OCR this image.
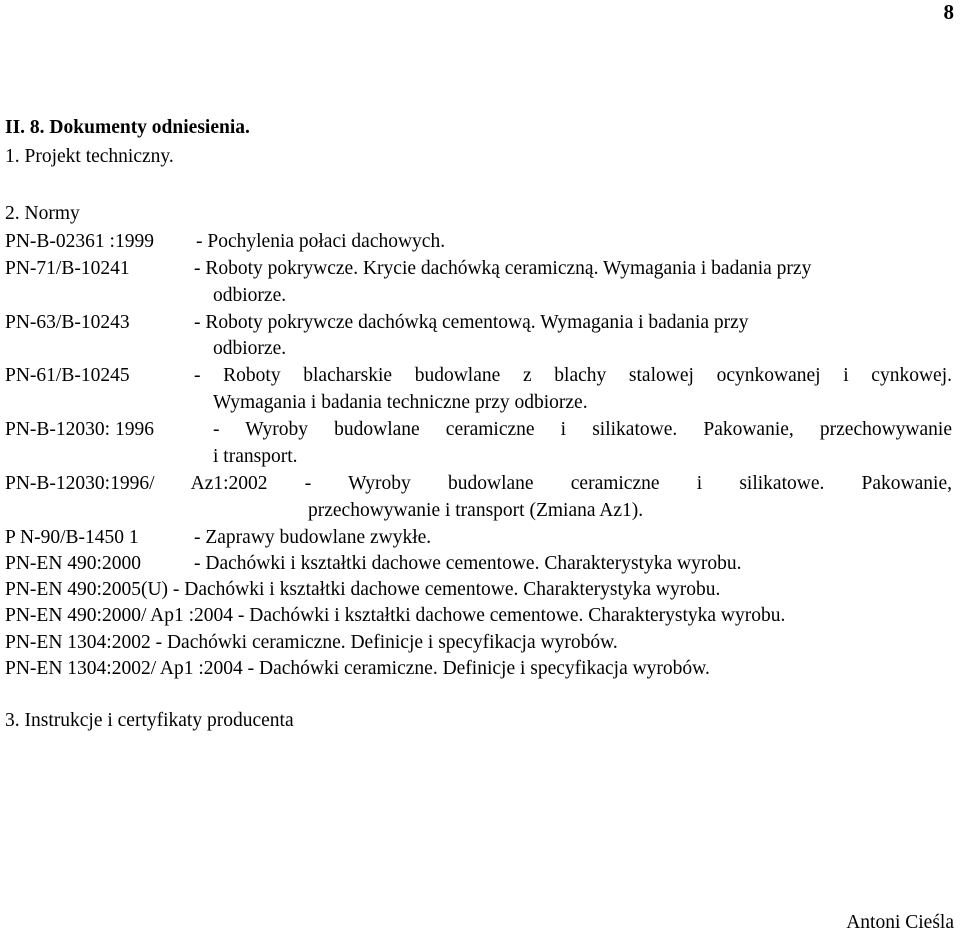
8
II. 8. Dokumenty odniesienia.
1. Projekt techniczny.
2. Normy
PN-B-02361 :1999 - Pochylenia połaci dachowych.
PN-71/B-10241	- Roboty pokrywcze. Krycie dachówką ceramiczną. Wymagania i badania przy
odbiorze.
PN-63/B-10243	- Roboty pokrywcze dachówką cementową. Wymagania i badania przy
odbiorze.
PN-61/B-10245	- Roboty blacharskie budowlane z blachy stalowej ocynkowanej i cynkowej.
Wymagania i badania techniczne przy odbiorze.
PN-B-12030: 1996	- Wyroby budowlane ceramiczne i silikatowe. Pakowanie, przechowywanie
i transport.
PN-B-12030:1996/ Az1:2002 - Wyroby budowlane ceramiczne i silikatowe. Pakowanie,
przechowywanie i transport (Zmiana Az1).
P N-90/B-1450 1	- Zaprawy budowlane zwykłe.
PN-EN 490:2000	- Dachówki i kształtki dachowe cementowe. Charakterystyka wyrobu.
PN-EN 490:2005(U) - Dachówki i kształtki dachowe cementowe. Charakterystyka wyrobu.
PN-EN 490:2000/ Ap1 :2004 - Dachówki i kształtki dachowe cementowe. Charakterystyka wyrobu.
PN-EN 1304:2002 - Dachówki ceramiczne. Definicje i specyfikacja wyrobów.
PN-EN 1304:2002/ Ap1 :2004 - Dachówki ceramiczne. Definicje i specyfikacja wyrobów.
3. Instrukcje i certyfikaty producenta
Antoni Cieśla
